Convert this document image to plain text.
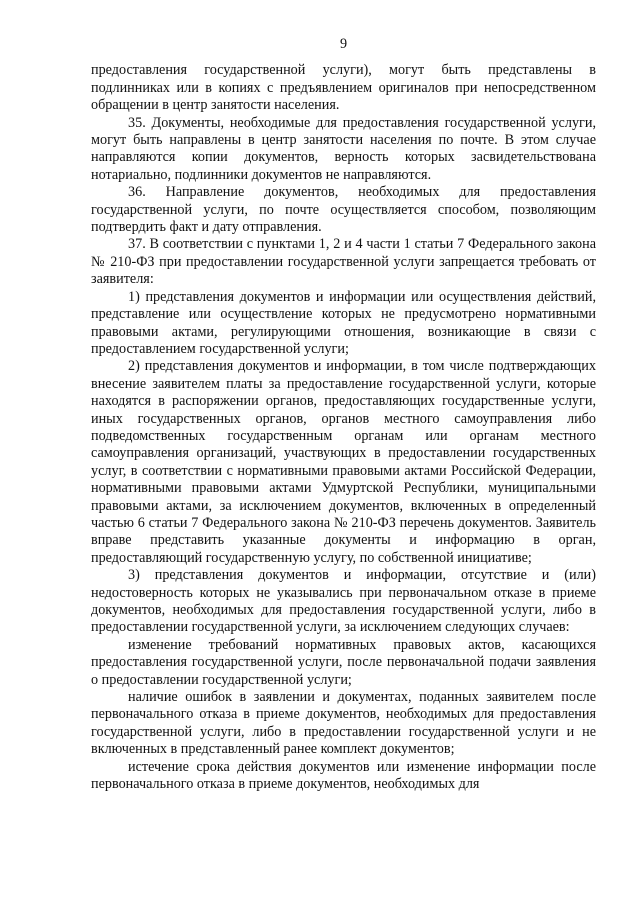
9

предоставления государственной услуги), могут быть представлены в подлинниках или в копиях с предъявлением оригиналов при непосредственном обращении в центр занятости населения.

35. Документы, необходимые для предоставления государственной услуги, могут быть направлены в центр занятости населения по почте. В этом случае направляются копии документов, верность которых засвидетельствована нотариально, подлинники документов не направляются.

36. Направление документов, необходимых для предоставления государственной услуги, по почте осуществляется способом, позволяющим подтвердить факт и дату отправления.

37. В соответствии с пунктами 1, 2 и 4 части 1 статьи 7 Федерального закона № 210-ФЗ при предоставлении государственной услуги запрещается требовать от заявителя:

1) представления документов и информации или осуществления действий, представление или осуществление которых не предусмотрено нормативными правовыми актами, регулирующими отношения, возникающие в связи с предоставлением государственной услуги;

2) представления документов и информации, в том числе подтверждающих внесение заявителем платы за предоставление государственной услуги, которые находятся в распоряжении органов, предоставляющих государственные услуги, иных государственных органов, органов местного самоуправления либо подведомственных государственным органам или органам местного самоуправления организаций, участвующих в предоставлении государственных услуг, в соответствии с нормативными правовыми актами Российской Федерации, нормативными правовыми актами Удмуртской Республики, муниципальными правовыми актами, за исключением документов, включенных в определенный частью 6 статьи 7 Федерального закона № 210-ФЗ перечень документов. Заявитель вправе представить указанные документы и информацию в орган, предоставляющий государственную услугу, по собственной инициативе;

3) представления документов и информации, отсутствие и (или) недостоверность которых не указывались при первоначальном отказе в приеме документов, необходимых для предоставления государственной услуги, либо в предоставлении государственной услуги, за исключением следующих случаев:

изменение требований нормативных правовых актов, касающихся предоставления государственной услуги, после первоначальной подачи заявления о предоставлении государственной услуги;

наличие ошибок в заявлении и документах, поданных заявителем после первоначального отказа в приеме документов, необходимых для предоставления государственной услуги, либо в предоставлении государственной услуги и не включенных в представленный ранее комплект документов;

истечение срока действия документов или изменение информации после первоначального отказа в приеме документов, необходимых для
